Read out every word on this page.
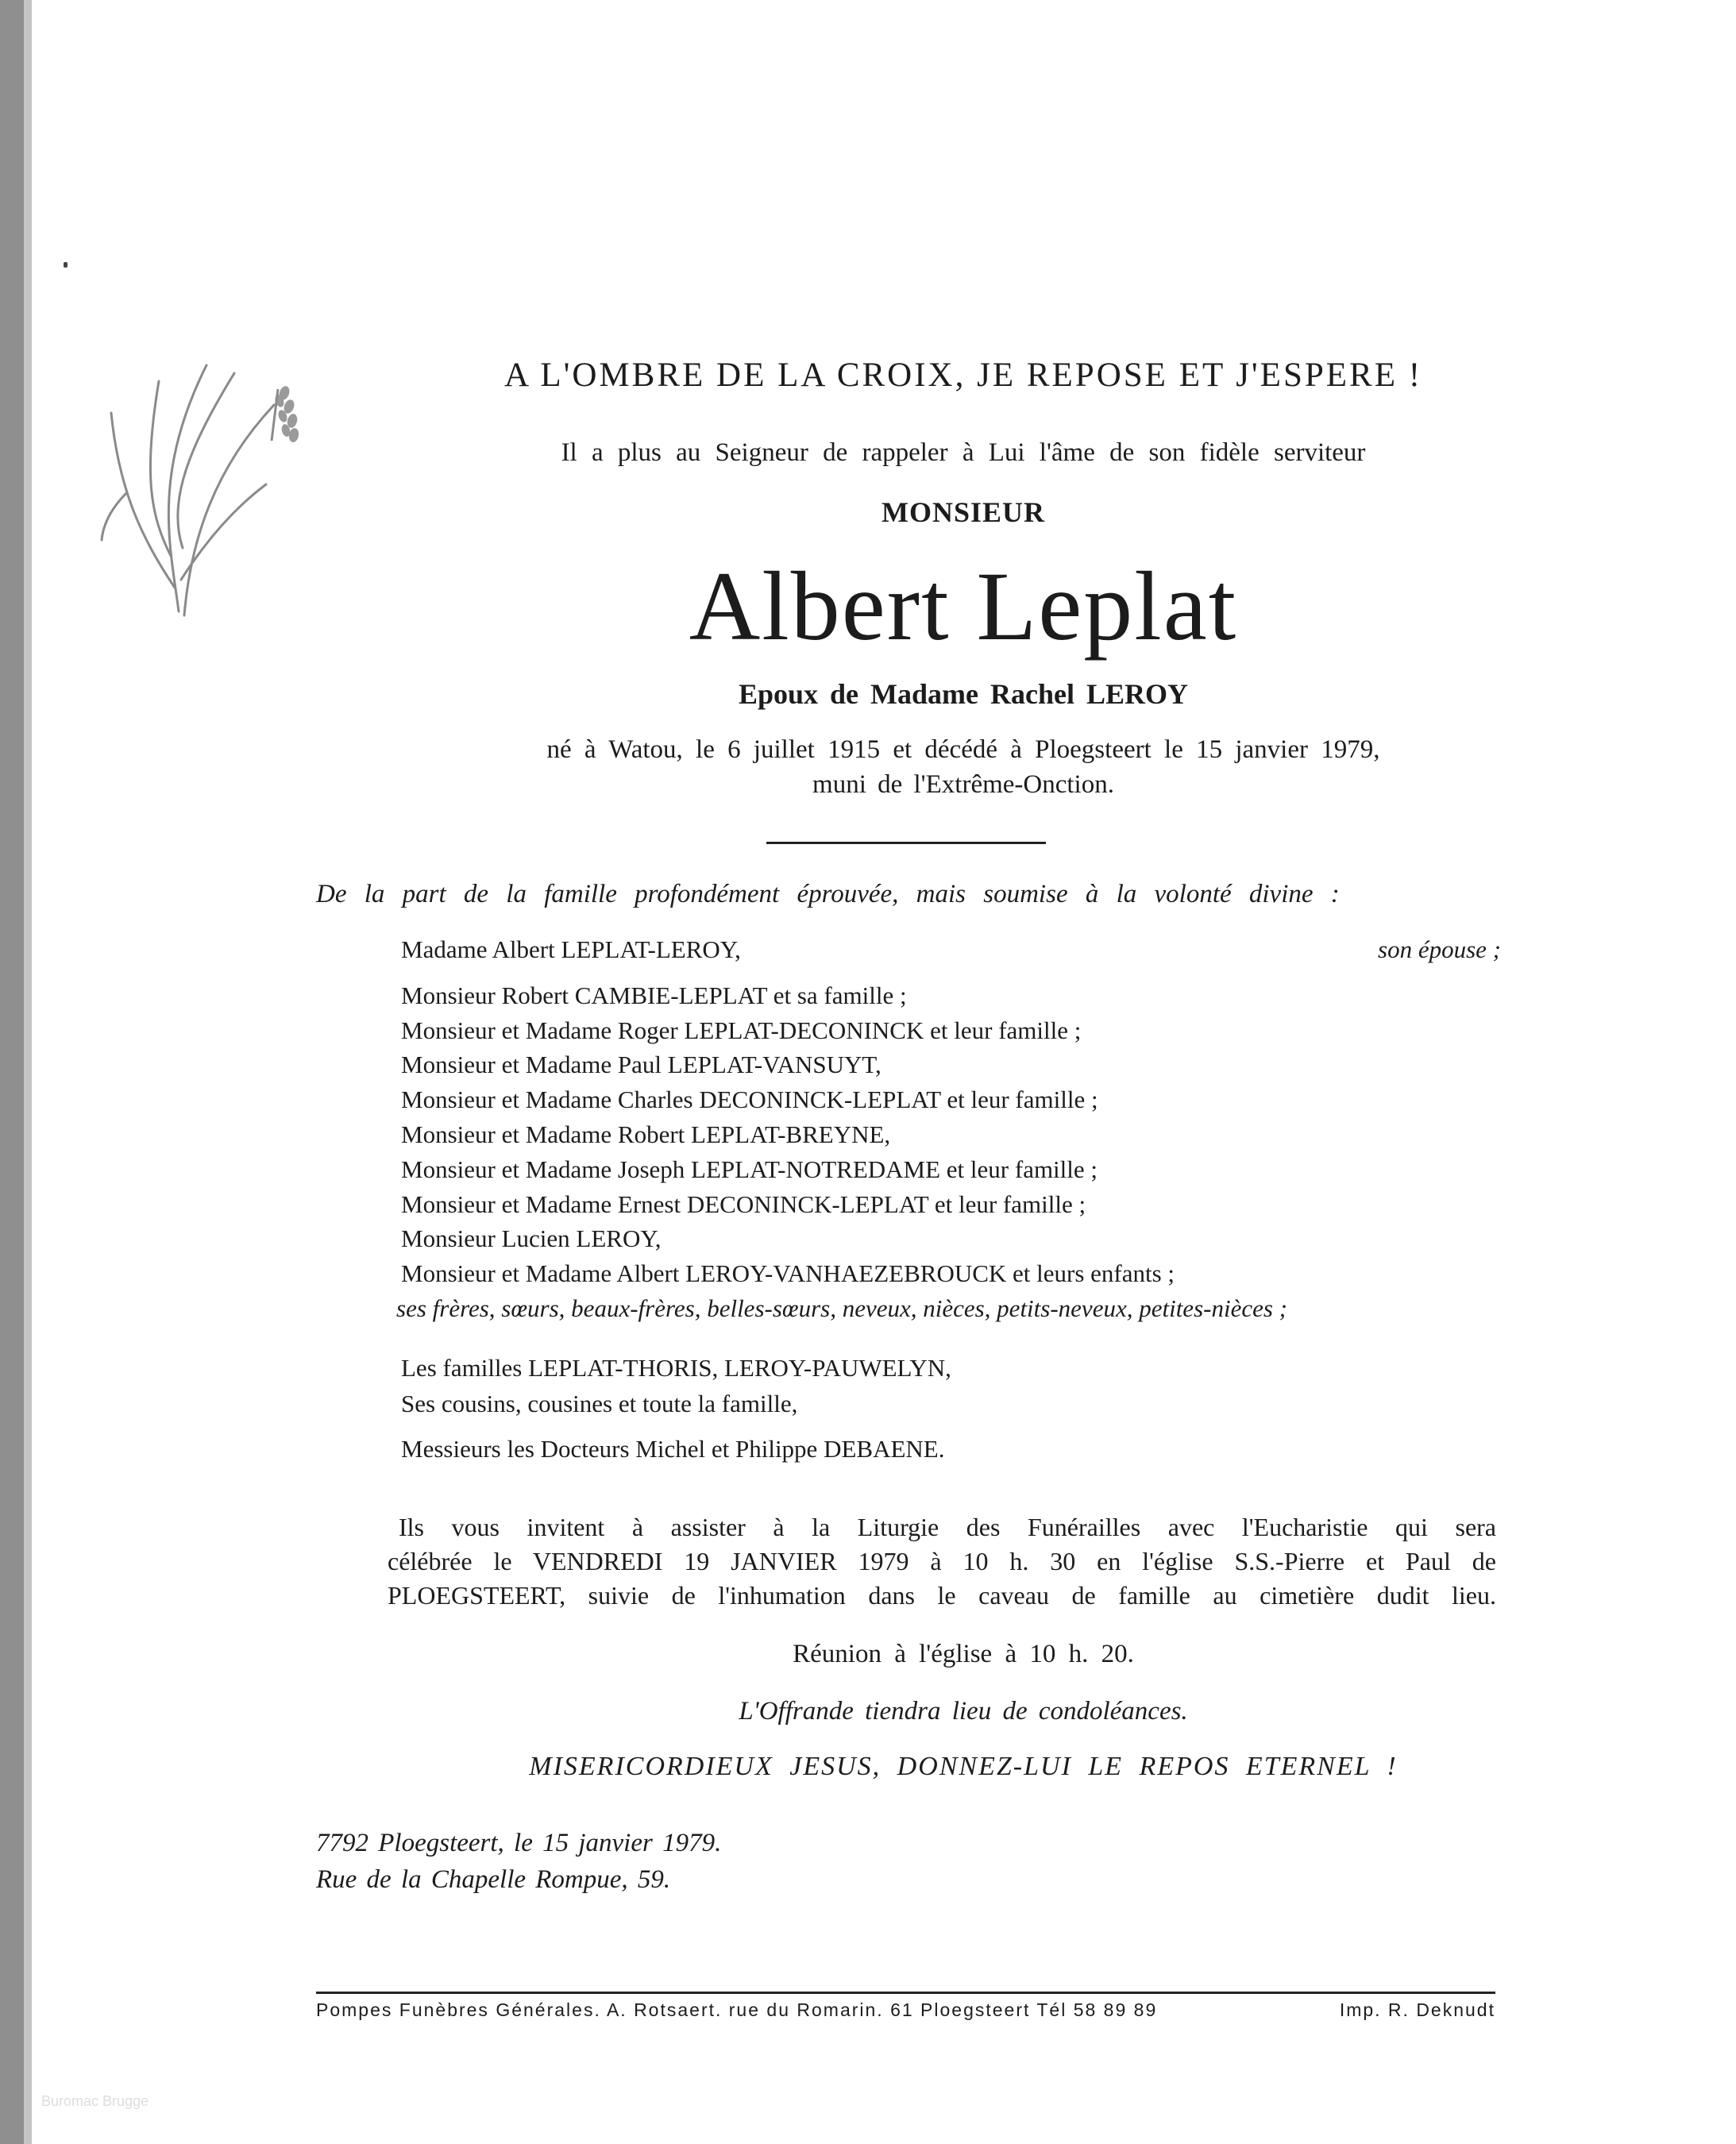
A L'OMBRE DE LA CROIX, JE REPOSE ET J'ESPERE !
Il a plus au Seigneur de rappeler à Lui l'âme de son fidèle serviteur
MONSIEUR
Albert Leplat
Epoux de Madame Rachel LEROY
né à Watou, le 6 juillet 1915 et décédé à Ploegsteert le 15 janvier 1979,
muni de l'Extrême-Onction.
De la part de la famille profondément éprouvée, mais soumise à la volonté divine :
Madame Albert LEPLAT-LEROY,	son épouse ;
Monsieur Robert CAMBIE-LEPLAT et sa famille ;
Monsieur et Madame Roger LEPLAT-DECONINCK et leur famille ;
Monsieur et Madame Paul LEPLAT-VANSUYT,
Monsieur et Madame Charles DECONINCK-LEPLAT et leur famille ;
Monsieur et Madame Robert LEPLAT-BREYNE,
Monsieur et Madame Joseph LEPLAT-NOTREDAME et leur famille ;
Monsieur et Madame Ernest DECONINCK-LEPLAT et leur famille ;
Monsieur Lucien LEROY,
Monsieur et Madame Albert LEROY-VANHAEZEBROUCK et leurs enfants ;
ses frères, sœurs, beaux-frères, belles-sœurs, neveux, nièces, petits-neveux, petites-nièces ;
Les familles LEPLAT-THORIS, LEROY-PAUWELYN,
Ses cousins, cousines et toute la famille,
Messieurs les Docteurs Michel et Philippe DEBAENE.

Ils vous invitent à assister à la Liturgie des Funérailles avec l'Eucharistie qui sera

célébrée le VENDREDI 19 JANVIER 1979 à 10 h. 30 en l'église S.S.-Pierre et Paul de

PLOEGSTEERT, suivie de l'inhumation dans le caveau de famille au cimetière dudit lieu.

Réunion à l'église à 10 h. 20.
L'Offrande tiendra lieu de condoléances.
MISERICORDIEUX JESUS, DONNEZ-LUI LE REPOS ETERNEL !
7792 Ploegsteert, le 15 janvier 1979.
Rue de la Chapelle Rompue, 59.
Pompes Funèbres Générales. A. Rotsaert. rue du Romarin. 61 Ploegsteert Tél 58 89 89	Imp. R. Deknudt
Buromac Brugge
